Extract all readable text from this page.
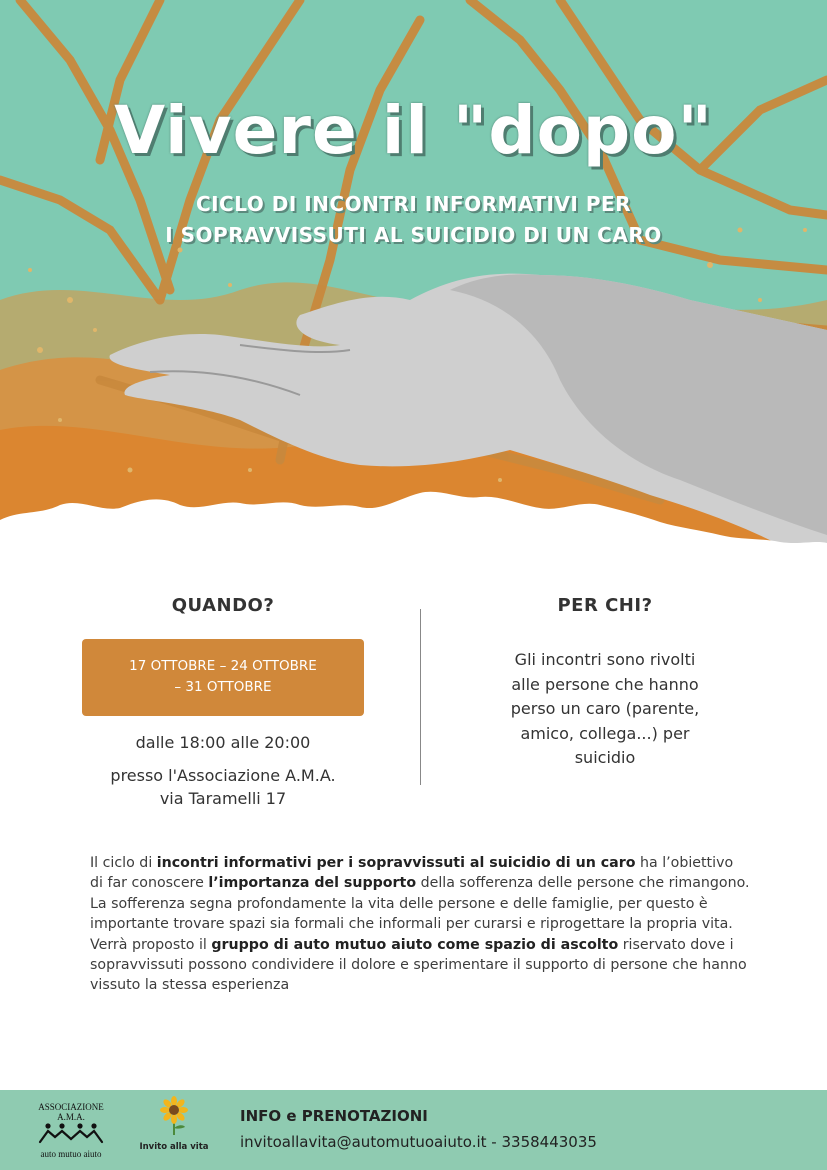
Vivere il "dopo"
CICLO DI INCONTRI INFORMATIVI PER
I SOPRAVVISSUTI AL SUICIDIO DI UN CARO
QUANDO?
17 OTTOBRE – 24 OTTOBRE
– 31 OTTOBRE
dalle 18:00 alle 20:00
presso l'Associazione A.M.A.
via Taramelli 17
PER CHI?
Gli incontri sono rivolti
alle persone che hanno
perso un caro (parente,
amico, collega...) per
suicidio

Il ciclo di incontri informativi per i sopravvissuti al suicidio di un caro ha l’obiettivo di far conoscere l’importanza del supporto della sofferenza delle persone che rimangono.

La sofferenza segna profondamente la vita delle persone e delle famiglie, per questo è importante trovare spazi sia formali che informali per curarsi e riprogettare la propria vita.

Verrà proposto il gruppo di auto mutuo aiuto come spazio di ascolto riservato dove i sopravvissuti possono condividere il dolore e sperimentare il supporto di persone che hanno vissuto la stessa esperienza

ASSOCIAZIONE
A.M.A.
auto mutuo aiuto
Invito alla vita
INFO e PRENOTAZIONI
invitoallavita@automutuoaiuto.it - 3358443035
